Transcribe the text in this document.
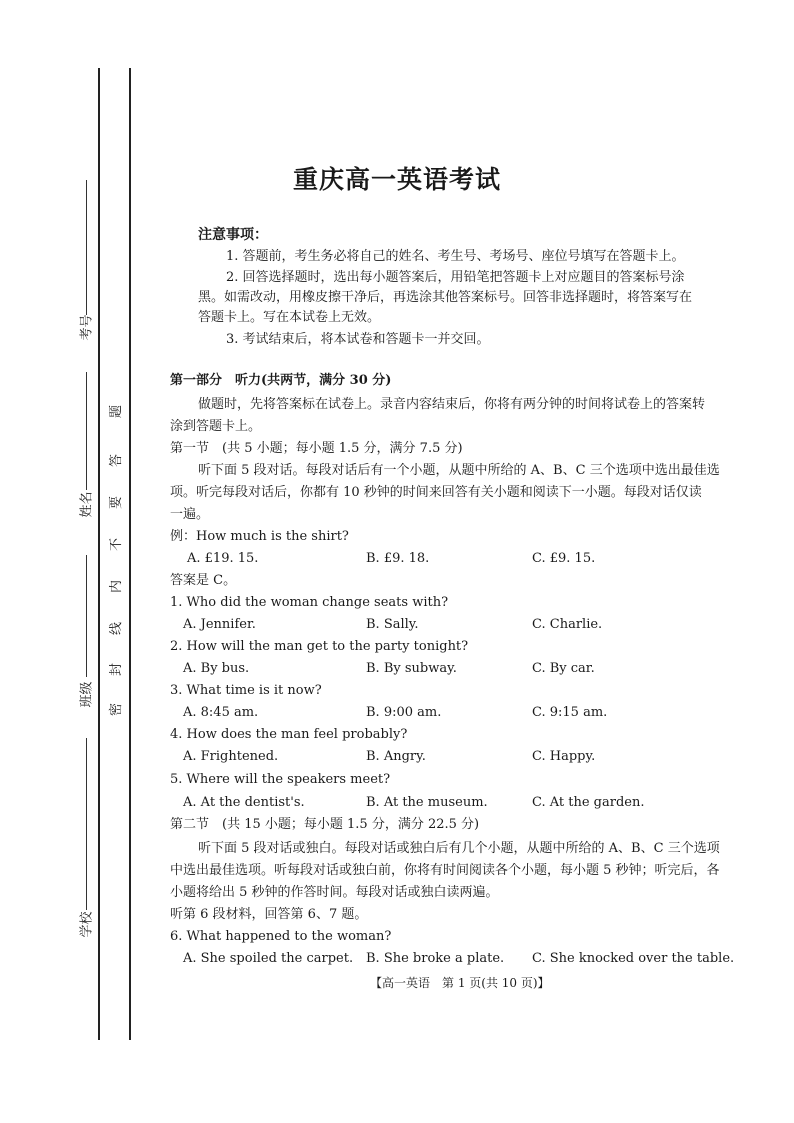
考号
姓名
班级
学校
密
封
线
内
不
要
答
题
重庆高一英语考试
注意事项：
1. 答题前，考生务必将自己的姓名、考生号、考场号、座位号填写在答题卡上。
2. 回答选择题时，选出每小题答案后，用铅笔把答题卡上对应题目的答案标号涂
黑。如需改动，用橡皮擦干净后，再选涂其他答案标号。回答非选择题时，将答案写在
答题卡上。写在本试卷上无效。
3. 考试结束后，将本试卷和答题卡一并交回。
第一部分　听力(共两节，满分 30 分)
做题时，先将答案标在试卷上。录音内容结束后，你将有两分钟的时间将试卷上的答案转
涂到答题卡上。
第一节　(共 5 小题；每小题 1.5 分，满分 7.5 分)
听下面 5 段对话。每段对话后有一个小题，从题中所给的 A、B、C 三个选项中选出最佳选
项。听完每段对话后，你都有 10 秒钟的时间来回答有关小题和阅读下一小题。每段对话仅读
一遍。
例：How much is the shirt?
A. £19. 15.	B. £9. 18.	C. £9. 15.
答案是 C。
1. Who did the woman change seats with?
A. Jennifer.	B. Sally.	C. Charlie.
2. How will the man get to the party tonight?
A. By bus.	B. By subway.	C. By car.
3. What time is it now?
A. 8:45 am.	B. 9:00 am.	C. 9:15 am.
4. How does the man feel probably?
A. Frightened.	B. Angry.	C. Happy.
5. Where will the speakers meet?
A. At the dentist's.	B. At the museum.	C. At the garden.
第二节　(共 15 小题；每小题 1.5 分，满分 22.5 分)
听下面 5 段对话或独白。每段对话或独白后有几个小题，从题中所给的 A、B、C 三个选项
中选出最佳选项。听每段对话或独白前，你将有时间阅读各个小题，每小题 5 秒钟；听完后，各
小题将给出 5 秒钟的作答时间。每段对话或独白读两遍。
听第 6 段材料，回答第 6、7 题。
6. What happened to the woman?
A. She spoiled the carpet. B. She broke a plate. C. She knocked over the table.
【高一英语　第 1 页(共 10 页)】
